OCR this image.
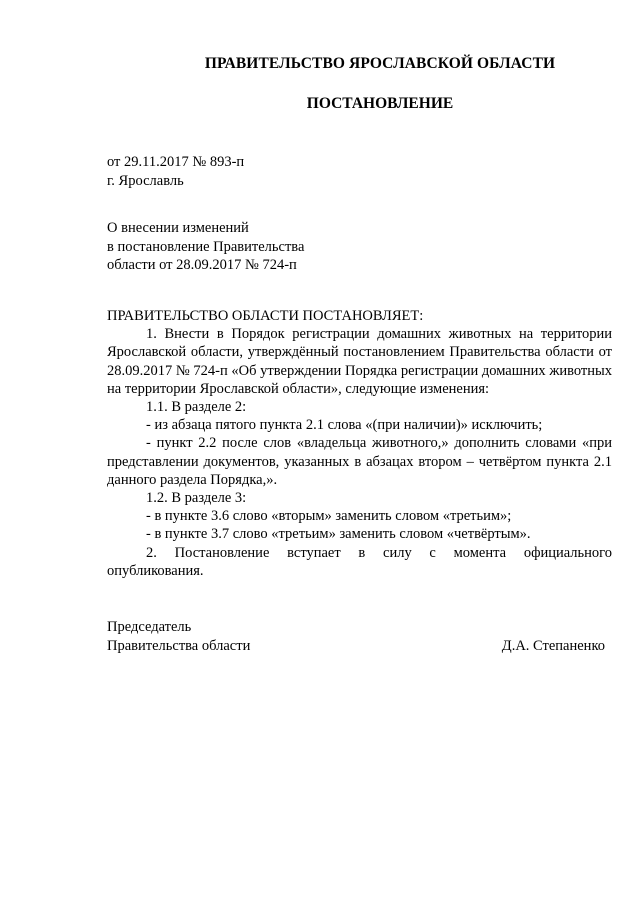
ПРАВИТЕЛЬСТВО ЯРОСЛАВСКОЙ ОБЛАСТИ
ПОСТАНОВЛЕНИЕ
от 29.11.2017 № 893-п
г. Ярославль
О внесении изменений
в постановление Правительства
области от 28.09.2017 № 724-п

ПРАВИТЕЛЬСТВО ОБЛАСТИ ПОСТАНОВЛЯЕТ:

1. Внести в Порядок регистрации домашних животных на территории Ярославской области, утверждённый постановлением Правительства области от 28.09.2017 № 724-п «Об утверждении Порядка регистрации домашних животных на территории Ярославской области», следующие изменения:

1.1. В разделе 2:

- из абзаца пятого пункта 2.1 слова «(при наличии)» исключить;

- пункт 2.2 после слов «владельца животного,» дополнить словами «при представлении документов, указанных в абзацах втором – четвёртом пункта 2.1 данного раздела Порядка,».

1.2. В разделе 3:

- в пункте 3.6 слово «вторым» заменить словом «третьим»;

- в пункте 3.7 слово «третьим» заменить словом «четвёртым».

2. Постановление вступает в силу с момента официального опубликования.

Председатель
Правительства области	Д.А. Степаненко
